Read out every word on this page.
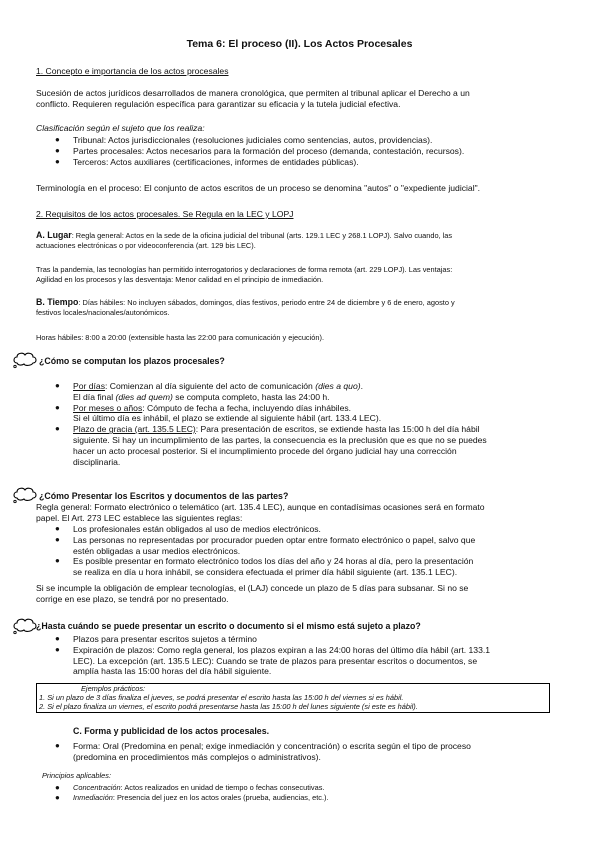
Tema 6: El proceso (II). Los Actos Procesales
1. Concepto e importancia de los actos procesales
Sucesión de actos jurídicos desarrollados de manera cronológica, que permiten al tribunal aplicar el Derecho a un
conflicto. Requieren regulación específica para garantizar su eficacia y la tutela judicial efectiva.
Clasificación según el sujeto que los realiza:
● Tribunal: Actos jurisdiccionales (resoluciones judiciales como sentencias, autos, providencias).
● Partes procesales: Actos necesarios para la formación del proceso (demanda, contestación, recursos).
● Terceros: Actos auxiliares (certificaciones, informes de entidades públicas).
Terminología en el proceso: El conjunto de actos escritos de un proceso se denomina "autos" o "expediente judicial".
2. Requisitos de los actos procesales. Se Regula en la LEC y LOPJ
A. Lugar: Regla general: Actos en la sede de la oficina judicial del tribunal (arts. 129.1 LEC y 268.1 LOPJ). Salvo cuando, las
actuaciones electrónicas o por videoconferencia (art. 129 bis LEC).
Tras la pandemia, las tecnologías han permitido interrogatorios y declaraciones de forma remota (art. 229 LOPJ). Las ventajas:
Agilidad en los procesos y las desventaja: Menor calidad en el principio de inmediación.
B. Tiempo: Días hábiles: No incluyen sábados, domingos, días festivos, periodo entre 24 de diciembre y 6 de enero, agosto y
festivos locales/nacionales/autonómicos.
Horas hábiles: 8:00 a 20:00 (extensible hasta las 22:00 para comunicación y ejecución).
¿Cómo se computan los plazos procesales?
● Por días: Comienzan al día siguiente del acto de comunicación (dies a quo).
El día final (dies ad quem) se computa completo, hasta las 24:00 h.
● Por meses o años: Cómputo de fecha a fecha, incluyendo días inhábiles.
Si el último día es inhábil, el plazo se extiende al siguiente hábil (art. 133.4 LEC).
● Plazo de gracia (art. 135.5 LEC): Para presentación de escritos, se extiende hasta las 15:00 h del día hábil
siguiente. Si hay un incumplimiento de las partes, la consecuencia es la preclusión que es que no se puedes
hacer un acto procesal posterior. Si el incumplimiento procede del órgano judicial hay una corrección
disciplinaria.
¿Cómo Presentar los Escritos y documentos de las partes?
Regla general: Formato electrónico o telemático (art. 135.4 LEC), aunque en contadísimas ocasiones será en formato
papel. El Art. 273 LEC establece las siguientes reglas:
● Los profesionales están obligados al uso de medios electrónicos.
● Las personas no representadas por procurador pueden optar entre formato electrónico o papel, salvo que
estén obligadas a usar medios electrónicos.
● Es posible presentar en formato electrónico todos los días del año y 24 horas al día, pero la presentación
se realiza en día u hora inhábil, se considera efectuada el primer día hábil siguiente (art. 135.1 LEC).
Si se incumple la obligación de emplear tecnologías, el (LAJ) concede un plazo de 5 días para subsanar. Si no se
corrige en ese plazo, se tendrá por no presentado.
¿Hasta cuándo se puede presentar un escrito o documento si el mismo está sujeto a plazo?
● Plazos para presentar escritos sujetos a término
● Expiración de plazos: Como regla general, los plazos expiran a las 24:00 horas del último día hábil (art. 133.1
LEC). La excepción (art. 135.5 LEC): Cuando se trate de plazos para presentar escritos o documentos, se
amplía hasta las 15:00 horas del día hábil siguiente.
Ejemplos prácticos:
1. Si un plazo de 3 días finaliza el jueves, se podrá presentar el escrito hasta las 15:00 h del viernes si es hábil.
2. Si el plazo finaliza un viernes, el escrito podrá presentarse hasta las 15:00 h del lunes siguiente (si este es hábil).
C. Forma y publicidad de los actos procesales.
● Forma: Oral (Predomina en penal; exige inmediación y concentración) o escrita según el tipo de proceso
(predomina en procedimientos más complejos o administrativos).
Principios aplicables:
● Concentración: Actos realizados en unidad de tiempo o fechas consecutivas.
● Inmediación: Presencia del juez en los actos orales (prueba, audiencias, etc.).
